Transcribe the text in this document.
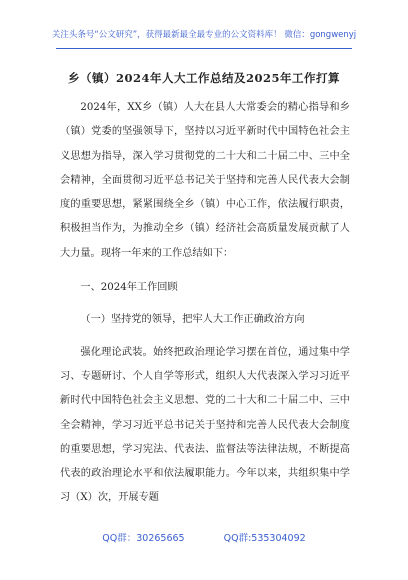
关注头条号“公文研究”，获得最新最全最专业的公文资料库！ 微信：gongwenyj
乡（镇）2024年人大工作总结及2025年工作打算

2024年，XX乡（镇）人大在县人大常委会的精心指导和乡（镇）党委的坚强领导下，坚持以习近平新时代中国特色社会主义思想为指导，深入学习贯彻党的二十大和二十届二中、三中全会精神，全面贯彻习近平总书记关于坚持和完善人民代表大会制度的重要思想，紧紧围绕全乡（镇）中心工作，依法履行职责，积极担当作为，为推动全乡（镇）经济社会高质量发展贡献了人大力量。现将一年来的工作总结如下：

一、2024年工作回顾

（一）坚持党的领导，把牢人大工作正确政治方向

强化理论武装。始终把政治理论学习摆在首位，通过集中学习、专题研讨、个人自学等形式，组织人大代表深入学习习近平新时代中国特色社会主义思想、党的二十大和二十届二中、三中全会精神，学习习近平总书记关于坚持和完善人民代表大会制度的重要思想，学习宪法、代表法、监督法等法律法规，不断提高代表的政治理论水平和依法履职能力。今年以来，共组织集中学习（X）次，开展专题

QQ群：30265665	QQ群:535304092
